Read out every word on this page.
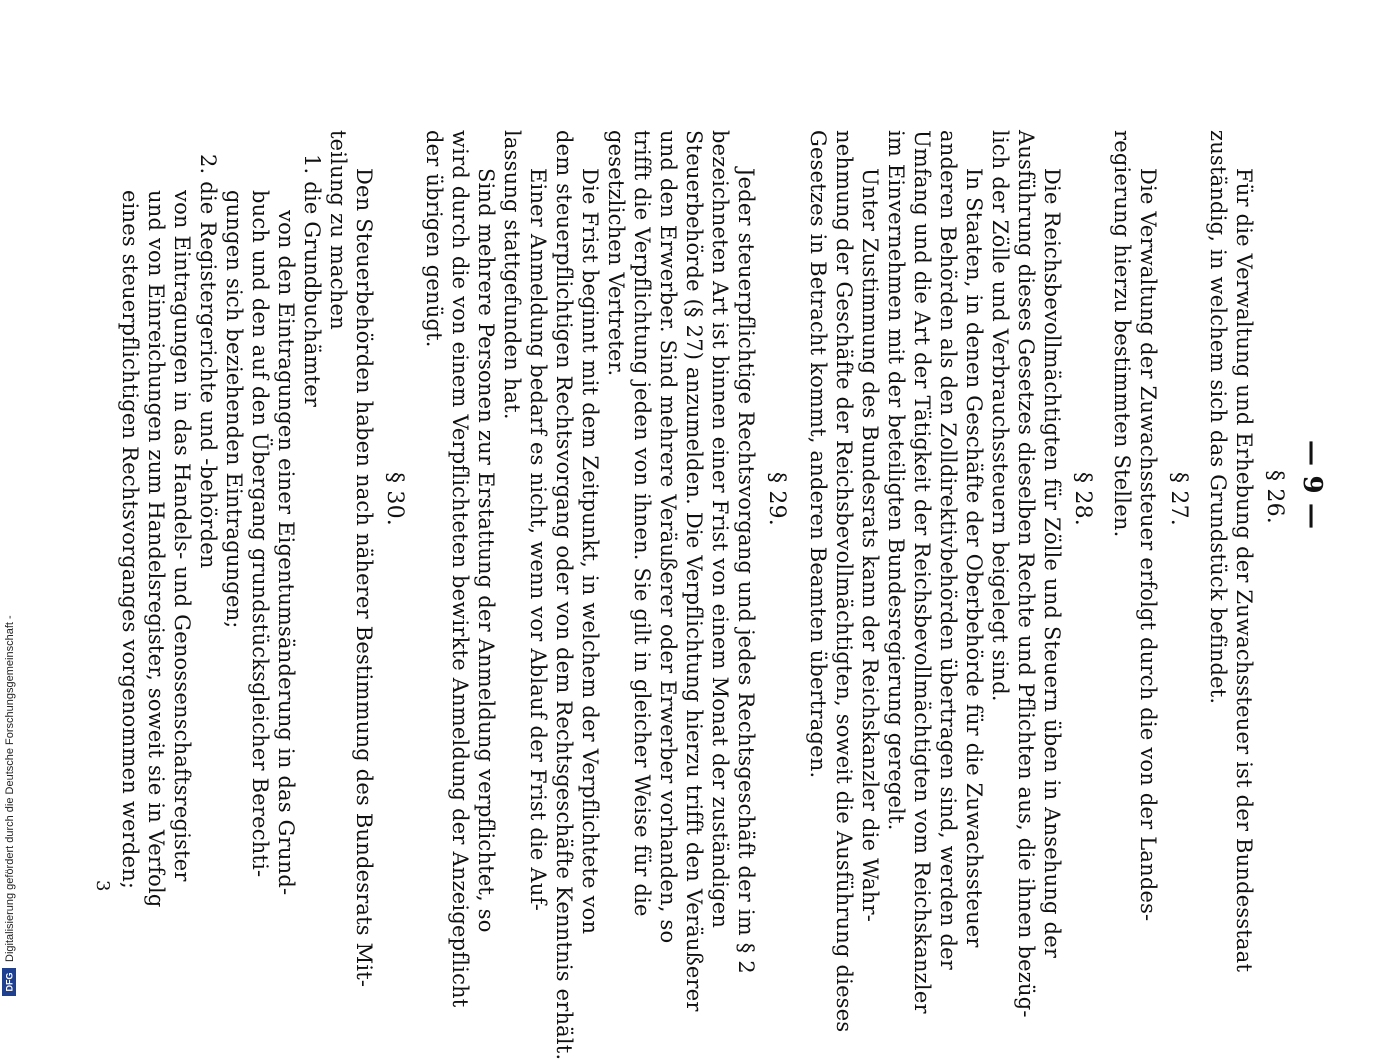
— 9 —
§ 26.
Für die Verwaltung und Erhebung der Zuwachssteuer ist der Bundesstaat
zuständig, in welchem sich das Grundstück befindet.
§ 27.
Die Verwaltung der Zuwachssteuer erfolgt durch die von der Landes-
regierung hierzu bestimmten Stellen.
§ 28.
Die Reichsbevollmächtigten für Zölle und Steuern üben in Ansehung der
Ausführung dieses Gesetzes dieselben Rechte und Pflichten aus, die ihnen bezüg-
lich der Zölle und Verbrauchssteuern beigelegt sind.
In Staaten, in denen Geschäfte der Oberbehörde für die Zuwachssteuer
anderen Behörden als den Zolldirektivbehörden übertragen sind, werden der
Umfang und die Art der Tätigkeit der Reichsbevollmächtigten vom Reichskanzler
im Einvernehmen mit der beteiligten Bundesregierung geregelt.
Unter Zustimmung des Bundesrats kann der Reichskanzler die Wahr-
nehmung der Geschäfte der Reichsbevollmächtigten, soweit die Ausführung dieses
Gesetzes in Betracht kommt, anderen Beamten übertragen.
§ 29.
Jeder steuerpflichtige Rechtsvorgang und jedes Rechtsgeschäft der im § 2
bezeichneten Art ist binnen einer Frist von einem Monat der zuständigen
Steuerbehörde (§ 27) anzumelden. Die Verpflichtung hierzu trifft den Veräußerer
und den Erwerber. Sind mehrere Veräußerer oder Erwerber vorhanden, so
trifft die Verpflichtung jeden von ihnen. Sie gilt in gleicher Weise für die
gesetzlichen Vertreter.
Die Frist beginnt mit dem Zeitpunkt, in welchem der Verpflichtete von
dem steuerpflichtigen Rechtsvorgang oder von dem Rechtsgeschäfte Kenntnis erhält.
Einer Anmeldung bedarf es nicht, wenn vor Ablauf der Frist die Auf-
lassung stattgefunden hat.
Sind mehrere Personen zur Erstattung der Anmeldung verpflichtet, so
wird durch die von einem Verpflichteten bewirkte Anmeldung der Anzeigepflicht
der übrigen genügt.
§ 30.
Den Steuerbehörden haben nach näherer Bestimmung des Bundesrats Mit-
teilung zu machen
1. die Grundbuchämter
von den Eintragungen einer Eigentumsänderung in das Grund-
buch und den auf den Übergang grundstücksgleicher Berechti-
gungen sich beziehenden Eintragungen;
2. die Registergerichte und -behörden
von Eintragungen in das Handels- und Genossenschaftsregister
und von Einreichungen zum Handelsregister, soweit sie in Verfolg
eines steuerpflichtigen Rechtsvorganges vorgenommen werden;
3
Digitalisierung gefördert durch die Deutsche Forschungsgemeinschaft -
DFG
